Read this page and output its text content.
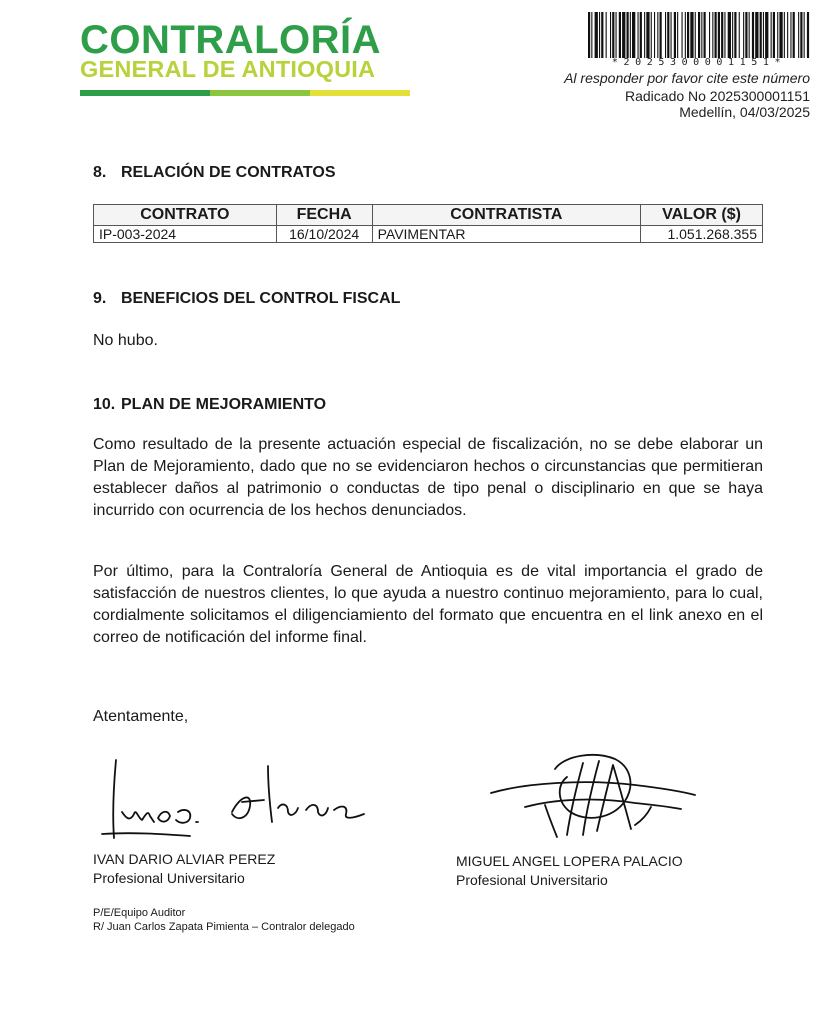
CONTRALORÍA
GENERAL DE ANTIOQUIA	*2025300001151*
Al responder por favor cite este número
Radicado No 2025300001151
Medellín, 04/03/2025
8. RELACIÓN DE CONTRATOS
CONTRATO	FECHA	CONTRATISTA	VALOR ($)
IP-003-2024	16/10/2024	PAVIMENTAR	1.051.268.355
9. BENEFICIOS DEL CONTROL FISCAL
No hubo.
10. PLAN DE MEJORAMIENTO
Como resultado de la presente actuación especial de fiscalización, no se debe elaborar un Plan de Mejoramiento, dado que no se evidenciaron hechos o circunstancias que permitieran establecer daños al patrimonio o conductas de tipo penal o disciplinario en que se haya incurrido con ocurrencia de los hechos denunciados.
Por último, para la Contraloría General de Antioquia es de vital importancia el grado de satisfacción de nuestros clientes, lo que ayuda a nuestro continuo mejoramiento, para lo cual, cordialmente solicitamos el diligenciamiento del formato que encuentra en el link anexo en el correo de notificación del informe final.
Atentamente,
IVAN DARIO ALVIAR PEREZ
Profesional Universitario
MIGUEL ANGEL LOPERA PALACIO
Profesional Universitario
P/E/Equipo Auditor
R/ Juan Carlos Zapata Pimienta – Contralor delegado
